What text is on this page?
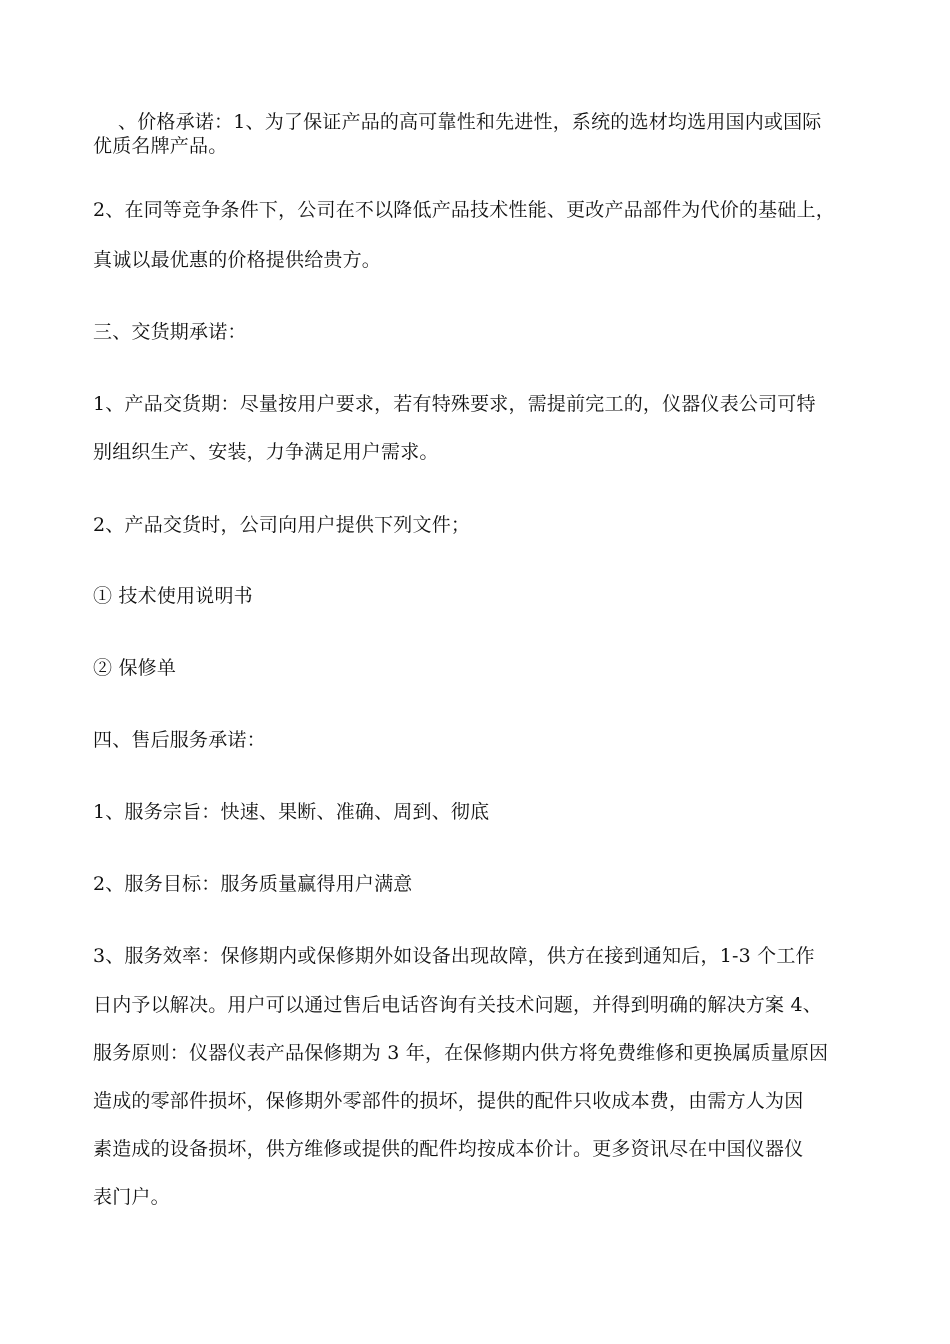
、价格承诺：1、为了保证产品的高可靠性和先进性，系统的选材均选用国内或国际
优质名牌产品。
2、在同等竞争条件下，公司在不以降低产品技术性能、更改产品部件为代价的基础上，
真诚以最优惠的价格提供给贵方。
三、交货期承诺：
1、产品交货期：尽量按用户要求，若有特殊要求，需提前完工的，仪器仪表公司可特
别组织生产、安装，力争满足用户需求。
2、产品交货时，公司向用户提供下列文件；
① 技术使用说明书
② 保修单
四、售后服务承诺：
1、服务宗旨：快速、果断、准确、周到、彻底
2、服务目标：服务质量赢得用户满意
3、服务效率：保修期内或保修期外如设备出现故障，供方在接到通知后，1-3 个工作
日内予以解决。用户可以通过售后电话咨询有关技术问题，并得到明确的解决方案 4、
服务原则：仪器仪表产品保修期为 3 年，在保修期内供方将免费维修和更换属质量原因
造成的零部件损坏，保修期外零部件的损坏，提供的配件只收成本费，由需方人为因
素造成的设备损坏，供方维修或提供的配件均按成本价计。更多资讯尽在中国仪器仪
表门户。
